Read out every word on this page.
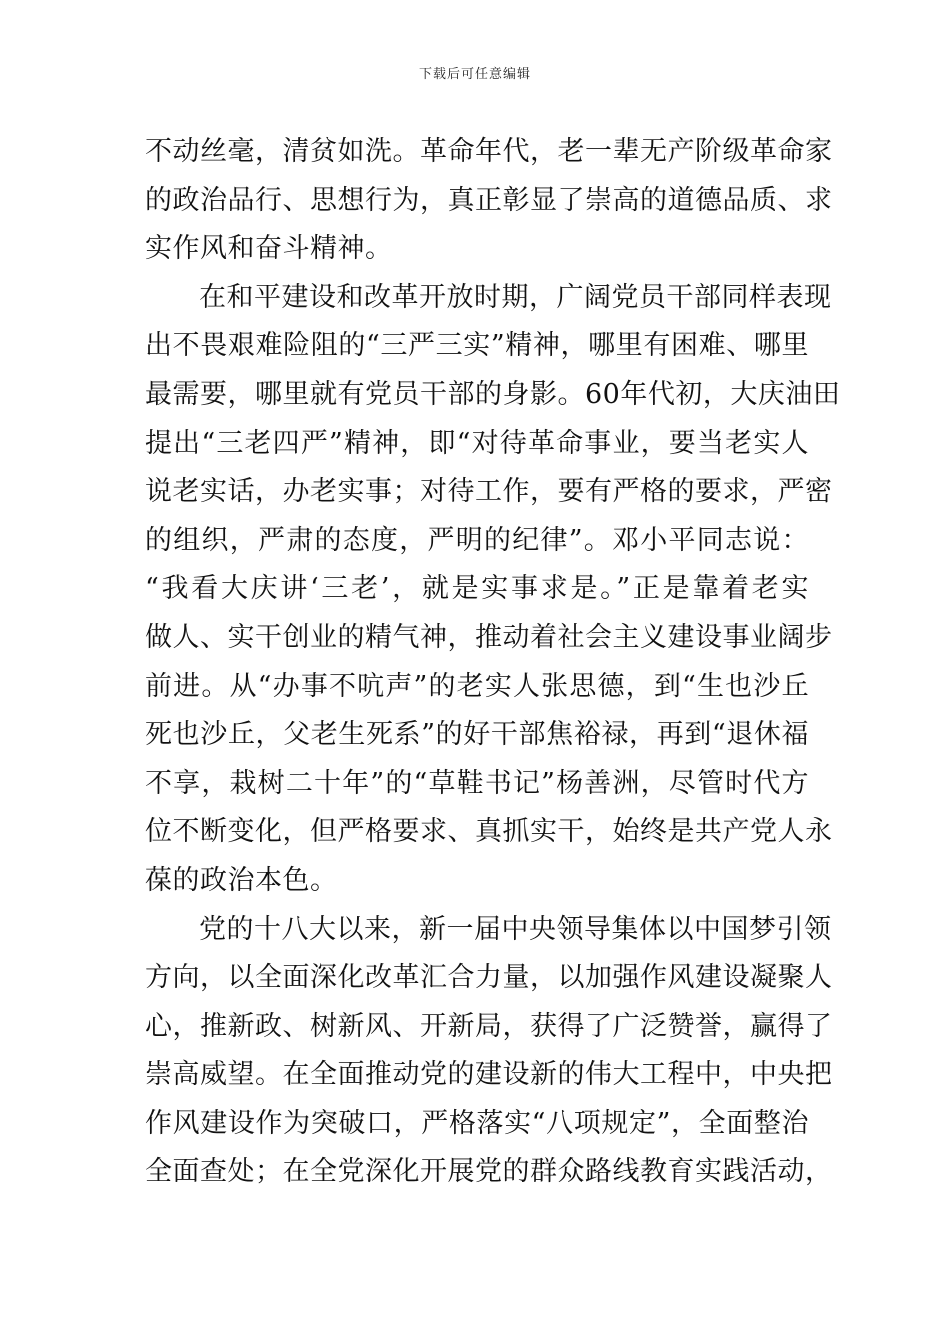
下载后可任意编辑
不动丝毫，清贫如洗。革命年代，老一辈无产阶级革命家
的政治品行、思想行为，真正彰显了崇高的道德品质、求
实作风和奋斗精神。
在和平建设和改革开放时期，广阔党员干部同样表现
出不畏艰难险阻的“三严三实”精神，哪里有困难、哪里
最需要，哪里就有党员干部的身影。60年代初，大庆油田
提出“三老四严”精神，即“对待革命事业，要当老实人
说老实话，办老实事；对待工作，要有严格的要求，严密
的组织，严肃的态度，严明的纪律”。邓小平同志说：
“我看大庆讲‘三老’，就是实事求是。”正是靠着老实
做人、实干创业的精气神，推动着社会主义建设事业阔步
前进。从“办事不吭声”的老实人张思德，到“生也沙丘
死也沙丘，父老生死系”的好干部焦裕禄，再到“退休福
不享，栽树二十年”的“草鞋书记”杨善洲，尽管时代方
位不断变化，但严格要求、真抓实干，始终是共产党人永
葆的政治本色。
党的十八大以来，新一届中央领导集体以中国梦引领
方向，以全面深化改革汇合力量，以加强作风建设凝聚人
心，推新政、树新风、开新局，获得了广泛赞誉，赢得了
崇高威望。在全面推动党的建设新的伟大工程中，中央把
作风建设作为突破口，严格落实“八项规定”，全面整治
全面查处；在全党深化开展党的群众路线教育实践活动，
